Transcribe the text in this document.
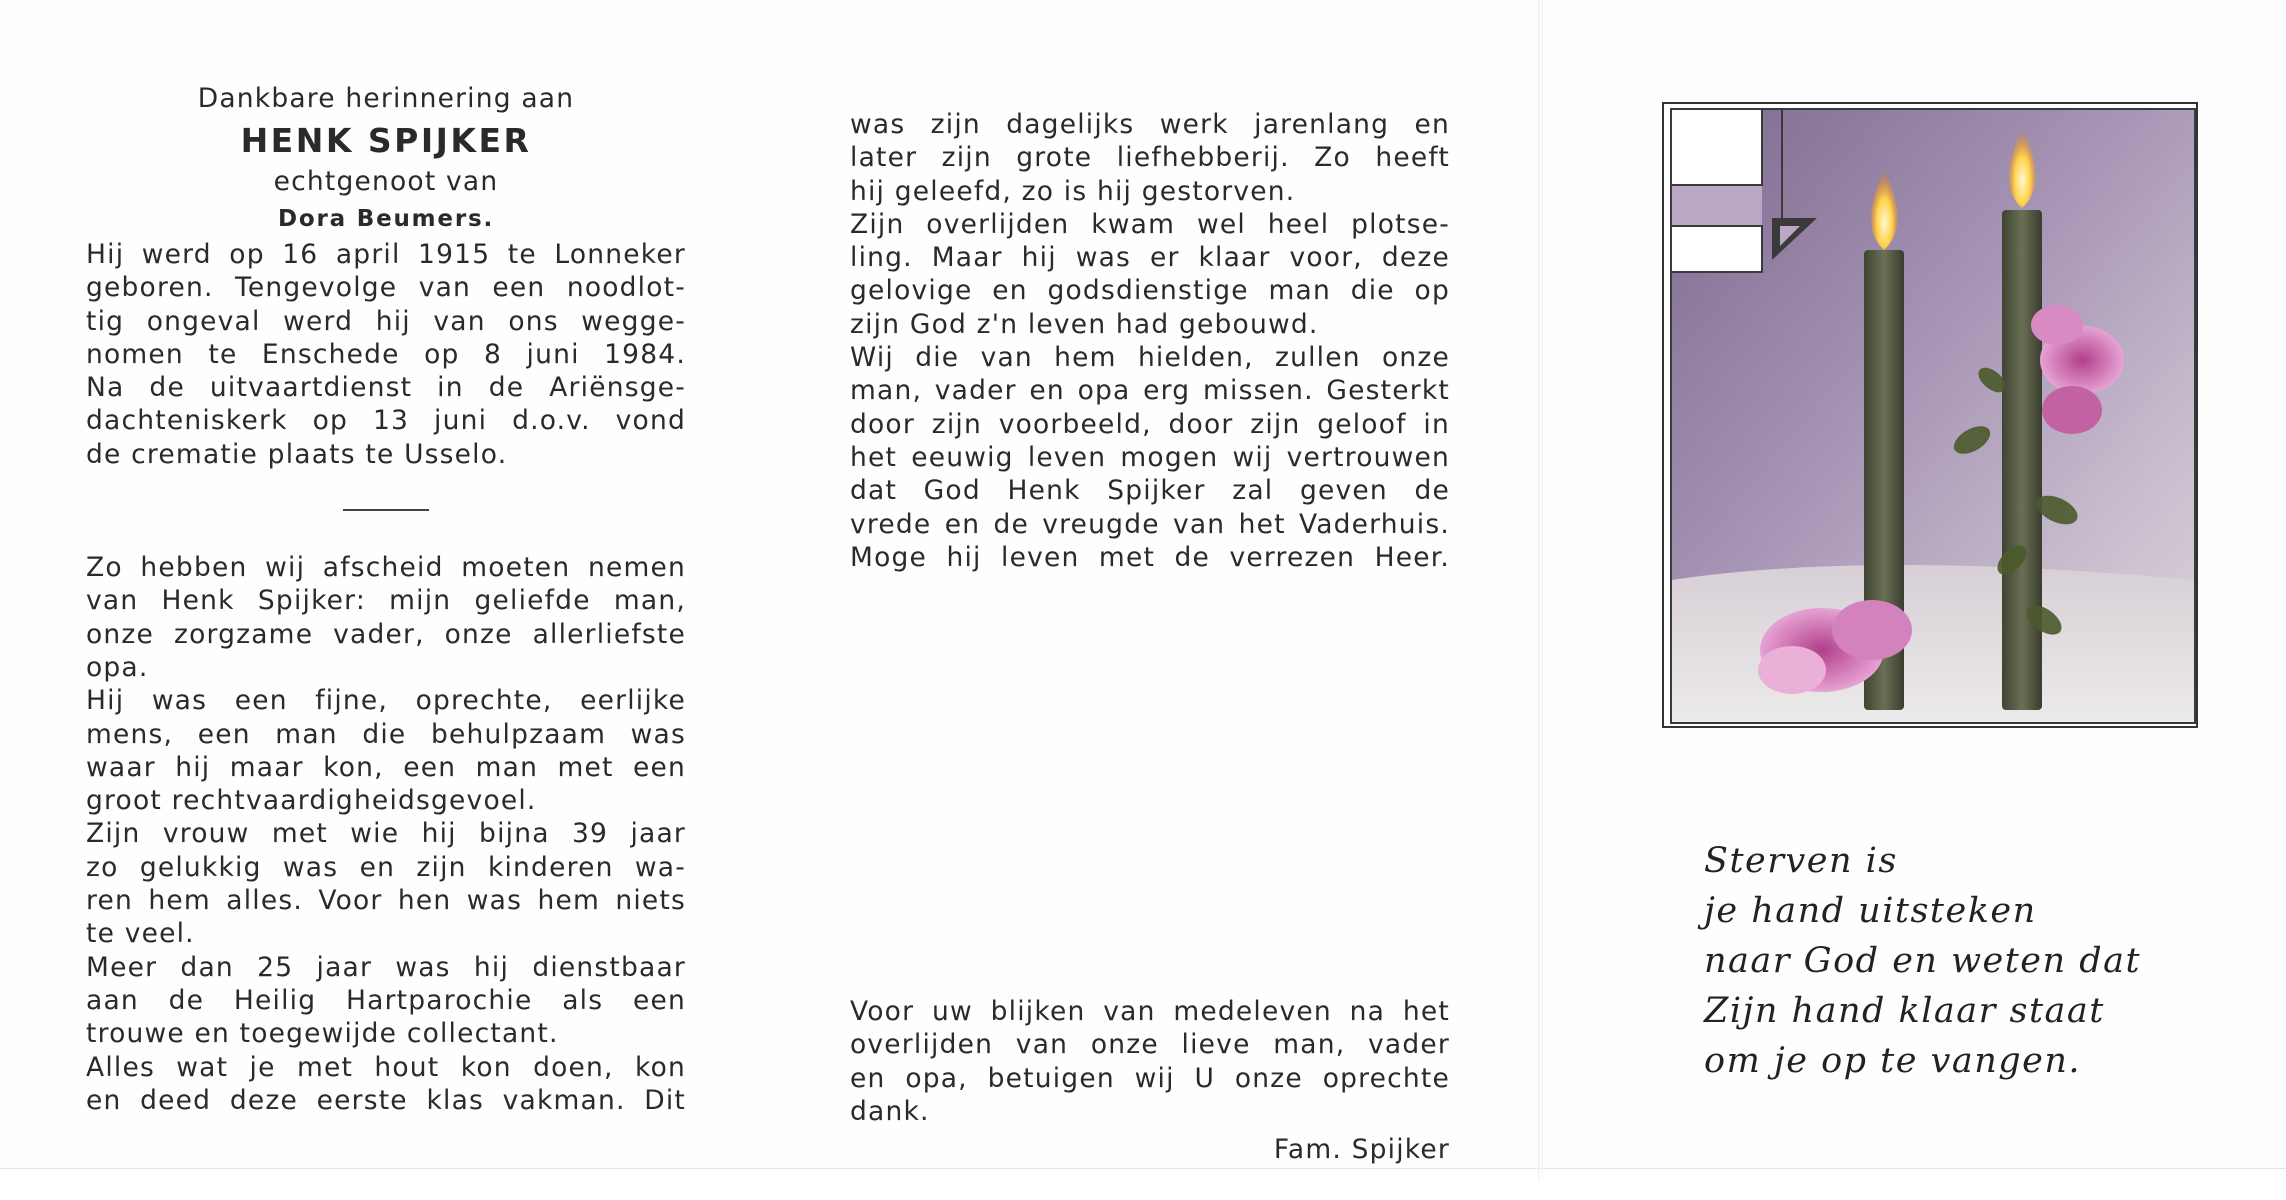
Dankbare herinnering aan
HENK SPIJKER
echtgenoot van
Dora Beumers.

Hij werd op 16 april 1915 te Lonneker

geboren. Tengevolge van een noodlot-

tig ongeval werd hij van ons wegge-

nomen te Enschede op 8 juni 1984.

Na de uitvaartdienst in de Ariënsge-

dachteniskerk op 13 juni d.o.v. vond

de crematie plaats te Usselo.

Zo hebben wij afscheid moeten nemen

van Henk Spijker: mijn geliefde man,

onze zorgzame vader, onze allerliefste

opa.

Hij was een fijne, oprechte, eerlijke

mens, een man die behulpzaam was

waar hij maar kon, een man met een

groot rechtvaardigheidsgevoel.

Zijn vrouw met wie hij bijna 39 jaar

zo gelukkig was en zijn kinderen wa-

ren hem alles. Voor hen was hem niets

te veel.

Meer dan 25 jaar was hij dienstbaar

aan de Heilig Hartparochie als een

trouwe en toegewijde collectant.

Alles wat je met hout kon doen, kon

en deed deze eerste klas vakman. Dit

was zijn dagelijks werk jarenlang en

later zijn grote liefhebberij. Zo heeft

hij geleefd, zo is hij gestorven.

Zijn overlijden kwam wel heel plotse-

ling. Maar hij was er klaar voor, deze

gelovige en godsdienstige man die op

zijn God z'n leven had gebouwd.

Wij die van hem hielden, zullen onze

man, vader en opa erg missen. Gesterkt

door zijn voorbeeld, door zijn geloof in

het eeuwig leven mogen wij vertrouwen

dat God Henk Spijker zal geven de

vrede en de vreugde van het Vaderhuis.

Moge hij leven met de verrezen Heer.

Voor uw blijken van medeleven na het

overlijden van onze lieve man, vader

en opa, betuigen wij U onze oprechte

dank.

Fam. Spijker

Sterven is

je hand uitsteken

naar God en weten dat

Zijn hand klaar staat

om je op te vangen.
